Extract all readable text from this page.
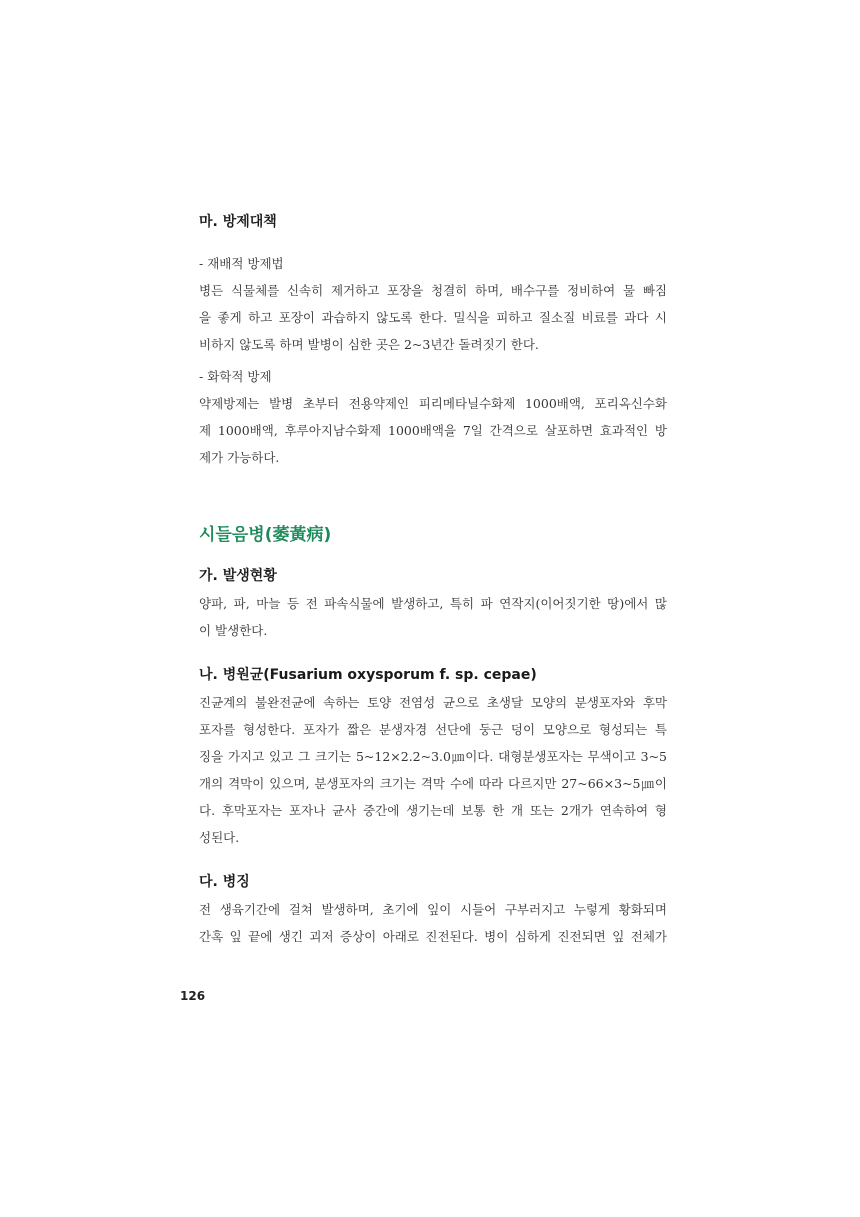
마. 방제대책

- 재배적 방제법

병든 식물체를 신속히 제거하고 포장을 청결히 하며, 배수구를 정비하여 물 빠짐
을 좋게 하고 포장이 과습하지 않도록 한다. 밀식을 피하고 질소질 비료를 과다 시
비하지 않도록 하며 발병이 심한 곳은 2~3년간 돌려짓기 한다.

- 화학적 방제

약제방제는 발병 초부터 전용약제인 피리메타닐수화제 1000배액, 포리옥신수화
제 1000배액, 후루아지남수화제 1000배액을 7일 간격으로 살포하면 효과적인 방
제가 가능하다.

시들음병(萎黃病)
가. 발생현황

양파, 파, 마늘 등 전 파속식물에 발생하고, 특히 파 연작지(이어짓기한 땅)에서 많
이 발생한다.

나. 병원균(Fusarium oxysporum f. sp. cepae)

진균계의 불완전균에 속하는 토양 전염성 균으로 초생달 모양의 분생포자와 후막
포자를 형성한다. 포자가 짧은 분생자경 선단에 둥근 덩이 모양으로 형성되는 특
징을 가지고 있고 그 크기는 5~12×2.2~3.0㎛이다. 대형분생포자는 무색이고 3~5
개의 격막이 있으며, 분생포자의 크기는 격막 수에 따라 다르지만 27~66×3~5㎛이
다. 후막포자는 포자나 균사 중간에 생기는데 보통 한 개 또는 2개가 연속하여 형
성된다.

다. 병징

전 생육기간에 걸쳐 발생하며, 초기에 잎이 시들어 구부러지고 누렇게 황화되며
간혹 잎 끝에 생긴 괴저 증상이 아래로 진전된다. 병이 심하게 진전되면 잎 전체가

126
